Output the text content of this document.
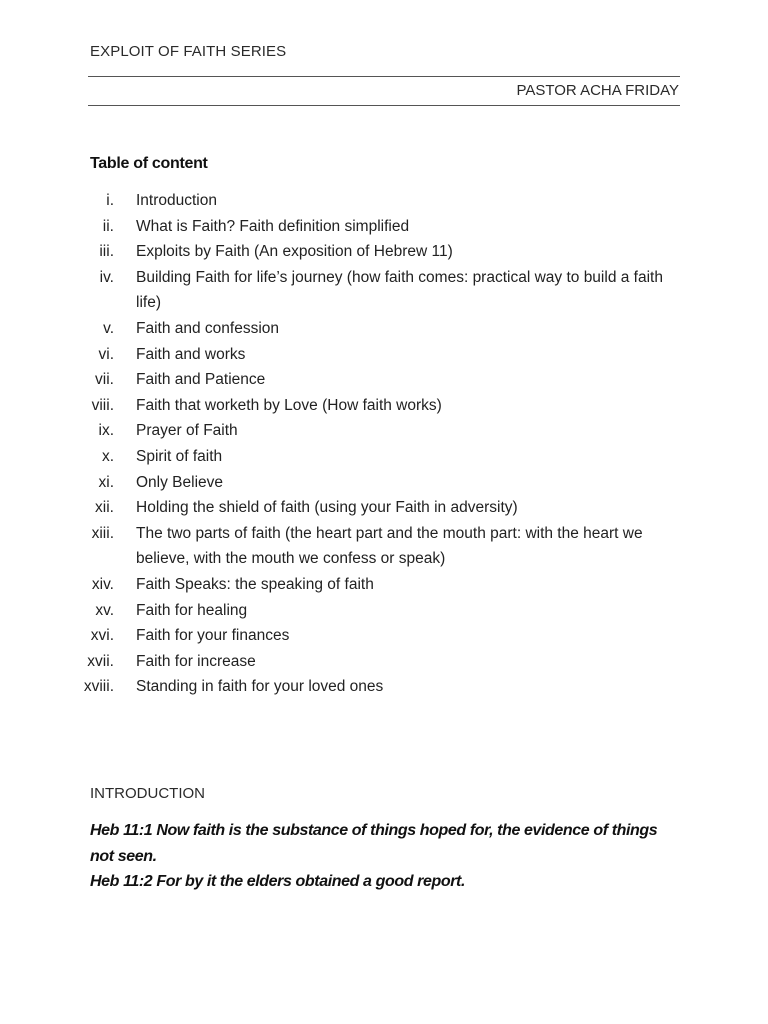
EXPLOIT OF FAITH SERIES
PASTOR ACHA FRIDAY
Table of content
i. Introduction
ii. What is Faith? Faith definition simplified
iii. Exploits by Faith (An exposition of Hebrew 11)
iv. Building Faith for life’s journey (how faith comes: practical way to build a faith life)
v. Faith and confession
vi. Faith and works
vii. Faith and Patience
viii. Faith that worketh by Love (How faith works)
ix. Prayer of Faith
x. Spirit of faith
xi. Only Believe
xii. Holding the shield of faith (using your Faith in adversity)
xiii. The two parts of faith (the heart part and the mouth part: with the heart we believe, with the mouth we confess or speak)
xiv. Faith Speaks: the speaking of faith
xv. Faith for healing
xvi. Faith for your finances
xvii. Faith for increase
xviii. Standing in faith for your loved ones
INTRODUCTION
Heb 11:1 Now faith is the substance of things hoped for, the evidence of things not seen.
Heb 11:2 For by it the elders obtained a good report.
